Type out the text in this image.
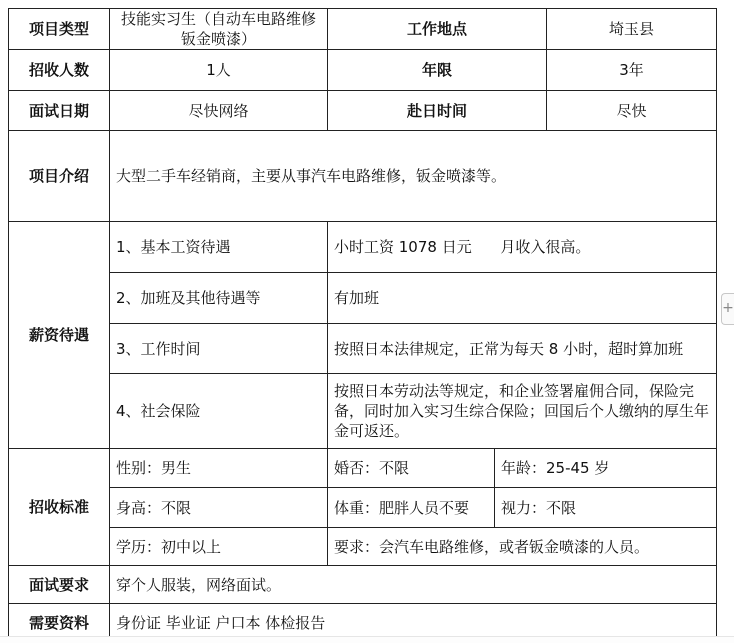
项目类型	技能实习生（自动车电路维修钣金喷漆）	工作地点		埼玉县
招收人数	1人	年限		3年
面试日期	尽快网络	赴日时间		尽快
项目介绍	大型二手车经销商，主要从事汽车电路维修，钣金喷漆等。			
薪资待遇	1、基本工资待遇	小时工资 1078 日元      月收入很高。		
	2、加班及其他待遇等	有加班		
	3、工作时间	按照日本法律规定，正常为每天 8 小时，超时算加班		
	4、社会保险	按照日本劳动法等规定，和企业签署雇佣合同，保险完备，同时加入实习生综合保险；回国后个人缴纳的厚生年金可返还。		
招收标准	性别：男生	婚否：不限	年龄：25-45 岁	
	身高：不限	体重：肥胖人员不要	视力：不限	
	学历：初中以上	要求：会汽车电路维修，或者钣金喷漆的人员。		
面试要求	穿个人服装，网络面试。			
需要资料	身份证 毕业证 户口本 体检报告			
+
